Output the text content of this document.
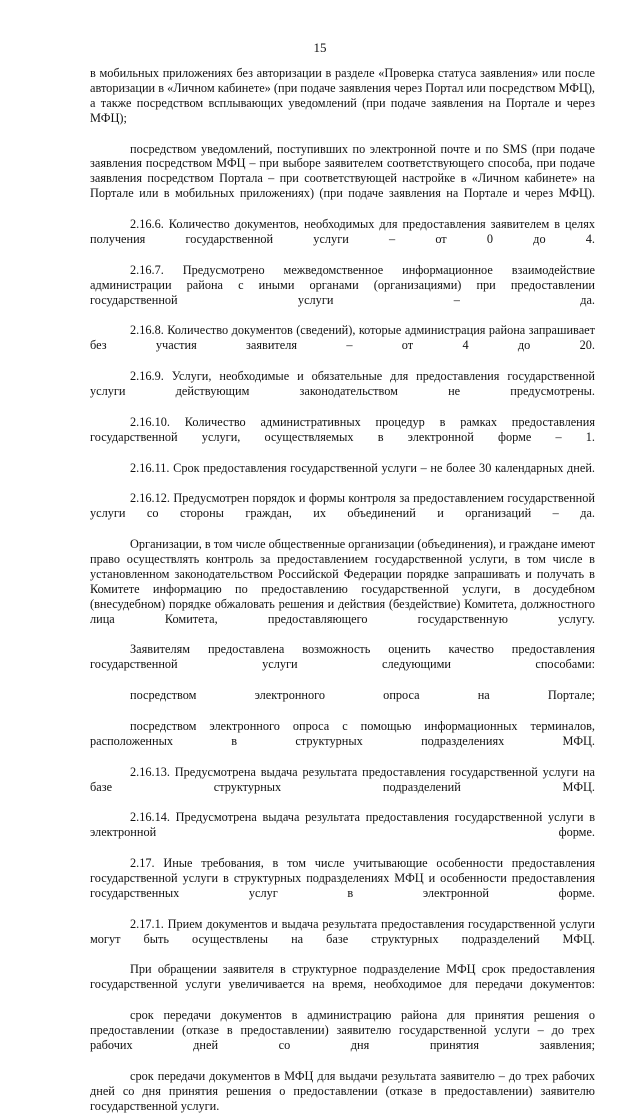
15

в мобильных приложениях без авторизации в разделе «Проверка статуса заявления» или после авторизации в «Личном кабинете» (при подаче заявления через Портал или посредством МФЦ), а также посредством всплывающих уведомлений (при подаче заявления на Портале и через МФЦ);

посредством уведомлений, поступивших по электронной почте и по SMS (при подаче заявления посредством МФЦ – при выборе заявителем соответствующего способа, при подаче заявления посредством Портала – при соответствующей настройке в «Личном кабинете» на Портале или в мобильных приложениях) (при подаче заявления на Портале и через МФЦ).

2.16.6. Количество документов, необходимых для предоставления заявителем в целях получения государственной услуги – от 0 до 4.

2.16.7. Предусмотрено межведомственное информационное взаимодействие администрации района с иными органами (организациями) при предоставлении государственной услуги – да.

2.16.8. Количество документов (сведений), которые администрация района запрашивает без участия заявителя – от 4 до 20.

2.16.9. Услуги, необходимые и обязательные для предоставления государственной услуги действующим законодательством не предусмотрены.

2.16.10. Количество административных процедур в рамках предоставления государственной услуги, осуществляемых в электронной форме – 1.

2.16.11. Срок предоставления государственной услуги – не более 30 календарных дней.

2.16.12. Предусмотрен порядок и формы контроля за предоставлением государственной услуги со стороны граждан, их объединений и организаций – да.

Организации, в том числе общественные организации (объединения), и граждане имеют право осуществлять контроль за предоставлением государственной услуги, в том числе в установленном законодательством Российской Федерации порядке запрашивать и получать в Комитете информацию по предоставлению государственной услуги, в досудебном (внесудебном) порядке обжаловать решения и действия (бездействие) Комитета, должностного лица Комитета, предоставляющего государственную услугу.

Заявителям предоставлена возможность оценить качество предоставления государственной услуги следующими способами:

посредством электронного опроса на Портале;

посредством электронного опроса с помощью информационных терминалов, расположенных в структурных подразделениях МФЦ.

2.16.13. Предусмотрена выдача результата предоставления государственной услуги на базе структурных подразделений МФЦ.

2.16.14. Предусмотрена выдача результата предоставления государственной услуги в электронной форме.

2.17. Иные требования, в том числе учитывающие особенности предоставления государственной услуги в структурных подразделениях МФЦ и особенности предоставления государственных услуг в электронной форме.

2.17.1. Прием документов и выдача результата предоставления государственной услуги могут быть осуществлены на базе структурных подразделений МФЦ.

При обращении заявителя в структурное подразделение МФЦ срок предоставления государственной услуги увеличивается на время, необходимое для передачи документов:

срок передачи документов в администрацию района для принятия решения о предоставлении (отказе в предоставлении) заявителю государственной услуги – до трех рабочих дней со дня принятия заявления;

срок передачи документов в МФЦ для выдачи результата заявителю – до трех рабочих дней со дня принятия решения о предоставлении (отказе в предоставлении) заявителю государственной услуги.
